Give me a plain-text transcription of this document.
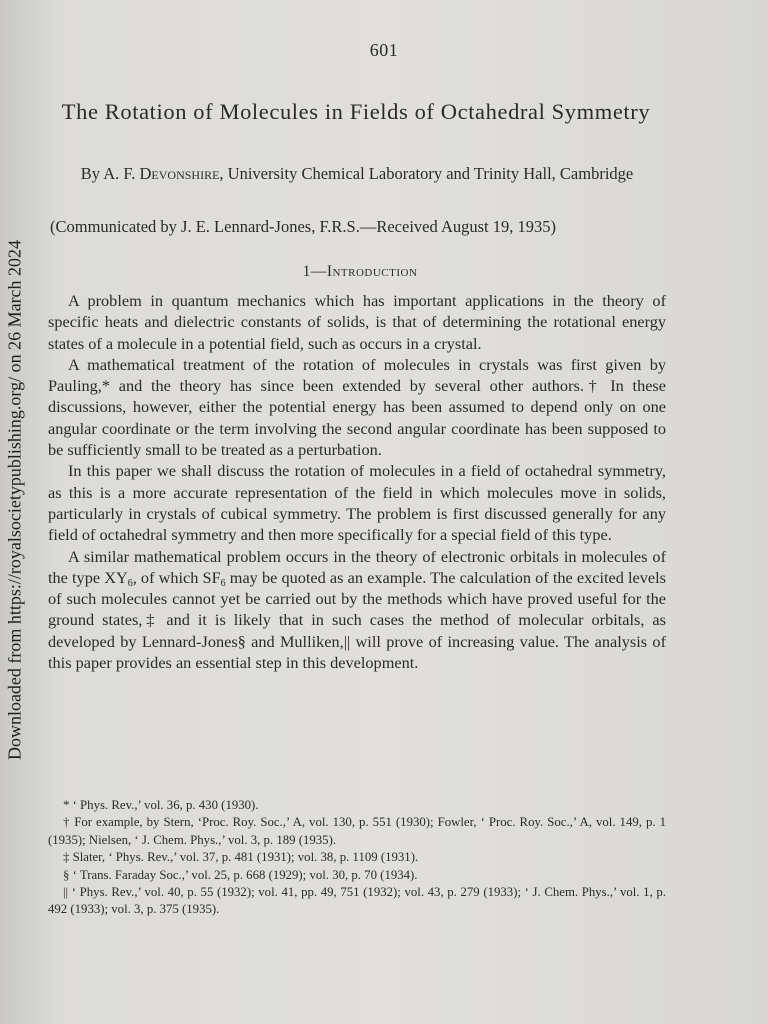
Downloaded from https://royalsocietypublishing.org/ on 26 March 2024
601
The Rotation of Molecules in Fields of Octahedral Symmetry
By A. F. Devonshire, University Chemical Laboratory and Trinity Hall, Cambridge
(Communicated by J. E. Lennard-Jones, F.R.S.—Received August 19, 1935)
1—Introduction

A problem in quantum mechanics which has important applications in the theory of specific heats and dielectric constants of solids, is that of determining the rotational energy states of a molecule in a potential field, such as occurs in a crystal.

A mathematical treatment of the rotation of molecules in crystals was first given by Pauling,* and the theory has since been extended by several other authors.† In these discussions, however, either the potential energy has been assumed to depend only on one angular coordinate or the term involving the second angular coordinate has been supposed to be sufficiently small to be treated as a perturbation.

In this paper we shall discuss the rotation of molecules in a field of octahedral symmetry, as this is a more accurate representation of the field in which molecules move in solids, particularly in crystals of cubical symmetry. The problem is first discussed generally for any field of octahedral symmetry and then more specifically for a special field of this type.

A similar mathematical problem occurs in the theory of electronic orbitals in molecules of the type $XY_6$, of which $SF_6$ may be quoted as an example. The calculation of the excited levels of such molecules cannot yet be carried out by the methods which have proved useful for the ground states,‡ and it is likely that in such cases the method of molecular orbitals, as developed by Lennard-Jones§ and Mulliken,|| will prove of increasing value. The analysis of this paper provides an essential step in this development.

* ‘ Phys. Rev.,’ vol. 36, p. 430 (1930).

† For example, by Stern, ‘Proc. Roy. Soc.,’ A, vol. 130, p. 551 (1930); Fowler, ‘ Proc. Roy. Soc.,’ A, vol. 149, p. 1 (1935); Nielsen, ‘ J. Chem. Phys.,’ vol. 3, p. 189 (1935).

‡ Slater, ‘ Phys. Rev.,’ vol. 37, p. 481 (1931); vol. 38, p. 1109 (1931).

§ ‘ Trans. Faraday Soc.,’ vol. 25, p. 668 (1929); vol. 30, p. 70 (1934).

|| ‘ Phys. Rev.,’ vol. 40, p. 55 (1932); vol. 41, pp. 49, 751 (1932); vol. 43, p. 279 (1933); ‘ J. Chem. Phys.,’ vol. 1, p. 492 (1933); vol. 3, p. 375 (1935).
